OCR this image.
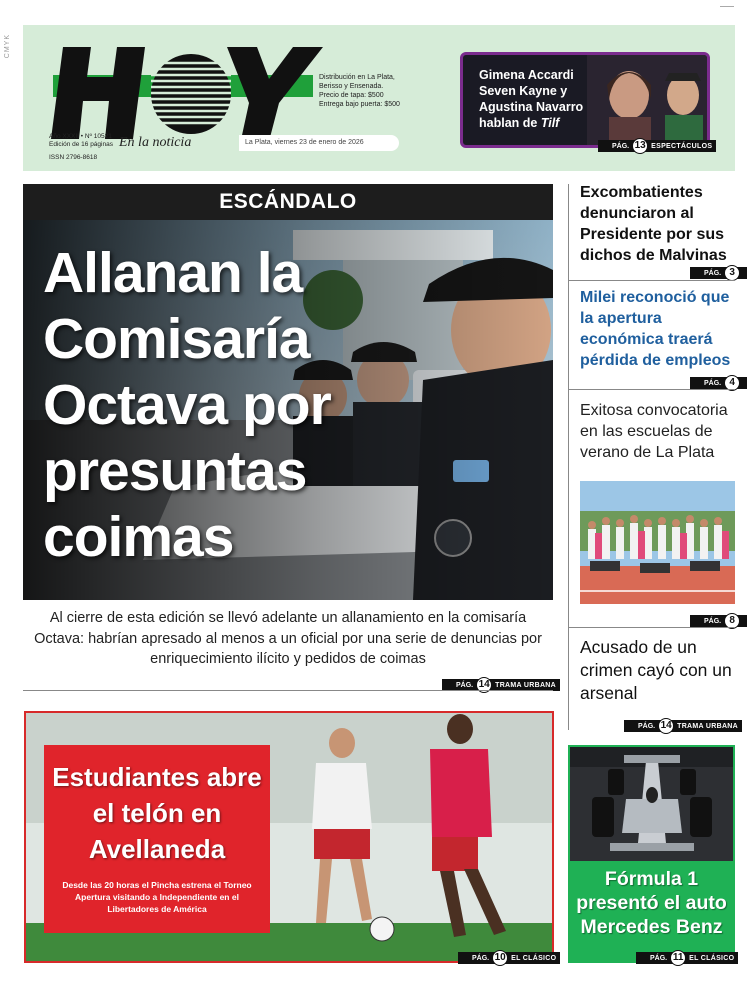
CMYK
En la noticia
Año XXXII • Nº 10521
Edición de 16 páginas
ISSN 2796-8618
Distribución en La Plata,
Berisso y Ensenada.
Precio de tapa: $500
Entrega bajo puerta: $500
La Plata, viernes 23 de enero de 2026
Gimena Accardi Seven Kayne y Agustina Navarro hablan de Tilf
PÁG. 13 ESPECTÁCULOS
ESCÁNDALO
Allanan la Comisaría Octava por presuntas coimas
Al cierre de esta edición se llevó adelante un allanamiento en la comisaría Octava: habrían apresado al menos a un oficial por una serie de denuncias por enriquecimiento ilícito y pedidos de coimas
PÁG. 14 TRAMA URBANA
Excombatientes denunciaron al Presidente por sus dichos de Malvinas
PÁG. 3
Milei reconoció que la apertura económica traerá pérdida de empleos
PÁG. 4
Exitosa convocatoria en las escuelas de verano de La Plata
PÁG. 8
Acusado de un crimen cayó con un arsenal
PÁG. 14 TRAMA URBANA
Estudiantes abre el telón en Avellaneda
Desde las 20 horas el Pincha estrena el Torneo Apertura visitando a Independiente en el Libertadores de América
PÁG. 10 EL CLÁSICO
Fórmula 1 presentó el auto Mercedes Benz
PÁG. 11 EL CLÁSICO
